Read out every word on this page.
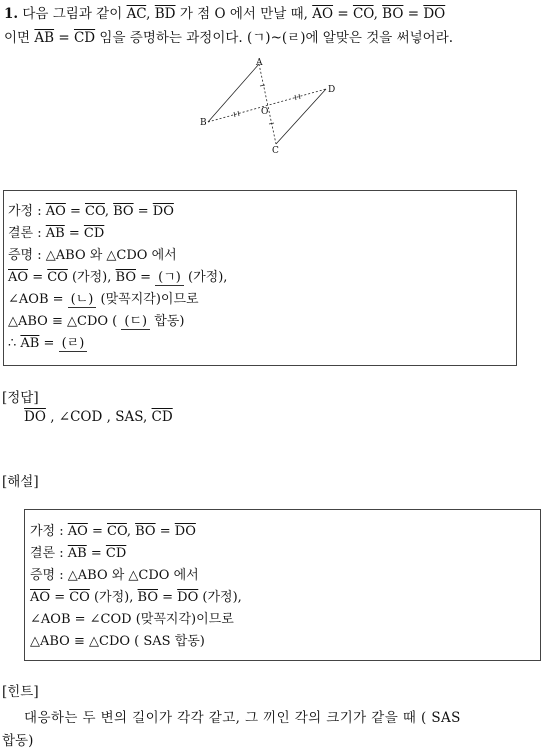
1. 다음 그림과 같이 $\overline{AC}$, $\overline{BD}$ 가 점 O 에서 만날 때, $\overline{AO} = \overline{CO}$, $\overline{BO} = \overline{DO}$
이면 $\overline{AB} = \overline{CD}$ 임을 증명하는 과정이다. (ㄱ)~(ㄹ)에 알맞은 것을 써넣어라.
A
D
B
O
C
가정 : $\overline{AO} = \overline{CO}$, $\overline{BO} = \overline{DO}$
결론 : $\overline{AB} = \overline{CD}$
증명 : △ABO 와 △CDO 에서
$\overline{AO} = \overline{CO}$ (가정), $\overline{BO}$ = (ㄱ) (가정),
∠AOB = (ㄴ) (맞꼭지각)이므로
△ABO ≡ △CDO ( (ㄷ) 합동)
∴ $\overline{AB}$ = (ㄹ)
[정답]
$\overline{DO}$ , ∠COD , SAS, $\overline{CD}$
[해설]
가정 : $\overline{AO} = \overline{CO}$, $\overline{BO} = \overline{DO}$
결론 : $\overline{AB} = \overline{CD}$
증명 : △ABO 와 △CDO 에서
$\overline{AO} = \overline{CO}$ (가정), $\overline{BO} = \overline{DO}$ (가정),
∠AOB = ∠COD (맞꼭지각)이므로
△ABO ≡ △CDO ( SAS 합동)
[힌트]
대응하는 두 변의 길이가 각각 같고, 그 끼인 각의 크기가 같을 때 ( SAS
합동)
